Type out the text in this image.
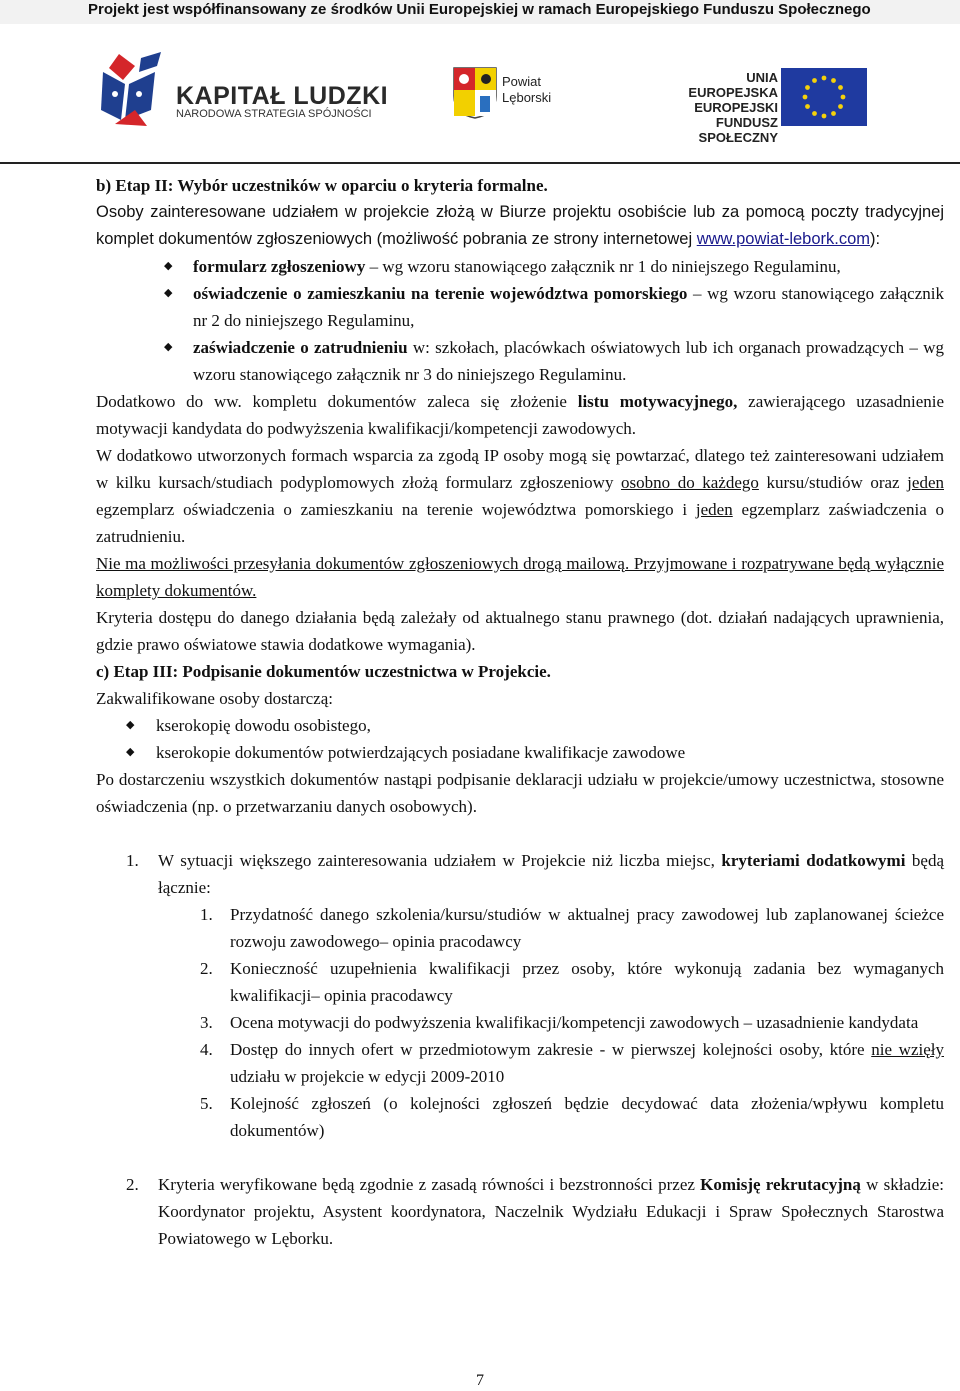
Projekt jest współfinansowany ze środków Unii Europejskiej w ramach Europejskiego Funduszu Społecznego
KAPITAŁ LUDZKI
NARODOWA STRATEGIA SPÓJNOŚCI
Powiat
Lęborski
UNIA EUROPEJSKA
EUROPEJSKI
FUNDUSZ SPOŁECZNY

b) Etap II: Wybór uczestników w oparciu o kryteria formalne.

Osoby zainteresowane udziałem w projekcie złożą w Biurze projektu osobiście lub za pomocą poczty tradycyjnej komplet dokumentów zgłoszeniowych (możliwość pobrania ze strony internetowej www.powiat-lebork.com):

◆ formularz zgłoszeniowy – wg wzoru stanowiącego załącznik nr 1 do niniejszego Regulaminu,
◆ oświadczenie o zamieszkaniu na terenie województwa pomorskiego – wg wzoru stanowiącego załącznik nr 2 do niniejszego Regulaminu,
◆ zaświadczenie o zatrudnieniu w: szkołach, placówkach oświatowych lub ich organach prowadzących – wg wzoru stanowiącego załącznik nr 3 do niniejszego Regulaminu.

Dodatkowo do ww. kompletu dokumentów zaleca się złożenie listu motywacyjnego, zawierającego uzasadnienie motywacji kandydata do podwyższenia kwalifikacji/kompetencji zawodowych.

W dodatkowo utworzonych formach wsparcia za zgodą IP osoby mogą się powtarzać, dlatego też zainteresowani udziałem w kilku kursach/studiach podyplomowych złożą formularz zgłoszeniowy osobno do każdego kursu/studiów oraz jeden egzemplarz oświadczenia o zamieszkaniu na terenie województwa pomorskiego i jeden egzemplarz zaświadczenia o zatrudnieniu.

Nie ma możliwości przesyłania dokumentów zgłoszeniowych drogą mailową. Przyjmowane i rozpatrywane będą wyłącznie komplety dokumentów.

Kryteria dostępu do danego działania będą zależały od aktualnego stanu prawnego (dot. działań nadających uprawnienia, gdzie prawo oświatowe stawia dodatkowe wymagania).

c) Etap III: Podpisanie dokumentów uczestnictwa w Projekcie.

Zakwalifikowane osoby dostarczą:

◆ kserokopię dowodu osobistego,
◆ kserokopie dokumentów potwierdzających posiadane kwalifikacje zawodowe

Po dostarczeniu wszystkich dokumentów nastąpi podpisanie deklaracji udziału w projekcie/umowy uczestnictwa, stosowne oświadczenia (np. o przetwarzaniu danych osobowych).

1. W sytuacji większego zainteresowania udziałem w Projekcie niż liczba miejsc, kryteriami dodatkowymi będą łącznie:
1. Przydatność danego szkolenia/kursu/studiów w aktualnej pracy zawodowej lub zaplanowanej ścieżce rozwoju zawodowego– opinia pracodawcy
2. Konieczność uzupełnienia kwalifikacji przez osoby, które wykonują zadania bez wymaganych kwalifikacji– opinia pracodawcy
3. Ocena motywacji do podwyższenia kwalifikacji/kompetencji zawodowych – uzasadnienie kandydata
4. Dostęp do innych ofert w przedmiotowym zakresie - w pierwszej kolejności osoby, które nie wzięły udziału w projekcie w edycji 2009-2010
5. Kolejność zgłoszeń (o kolejności zgłoszeń będzie decydować data złożenia/wpływu kompletu dokumentów)
2. Kryteria weryfikowane będą zgodnie z zasadą równości i bezstronności przez Komisję rekrutacyjną w składzie: Koordynator projektu, Asystent koordynatora, Naczelnik Wydziału Edukacji i Spraw Społecznych Starostwa Powiatowego w Lęborku.
7
